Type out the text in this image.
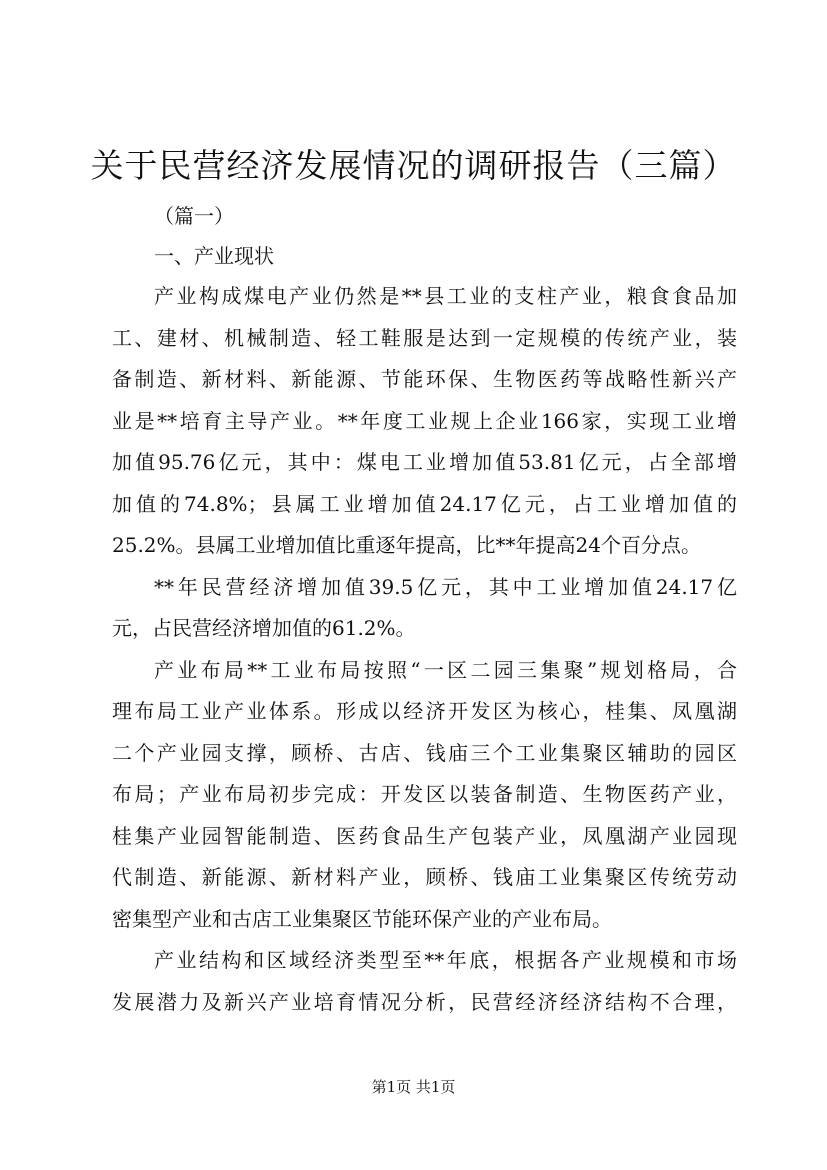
关于民营经济发展情况的调研报告（三篇）

（篇一）

一、产业现状

产业构成煤电产业仍然是**县工业的支柱产业，粮食食品加
工、建材、机械制造、轻工鞋服是达到一定规模的传统产业，装
备制造、新材料、新能源、节能环保、生物医药等战略性新兴产
业是**培育主导产业。**年度工业规上企业166家，实现工业增
加值95.76亿元，其中：煤电工业增加值53.81亿元，占全部增
加值的74.8%；县属工业增加值24.17亿元，占工业增加值的
25.2%。县属工业增加值比重逐年提高，比**年提高24个百分点。
**年民营经济增加值39.5亿元，其中工业增加值24.17亿
元，占民营经济增加值的61.2%。
产业布局**工业布局按照“一区二园三集聚”规划格局，合
理布局工业产业体系。形成以经济开发区为核心，桂集、凤凰湖
二个产业园支撑，顾桥、古店、钱庙三个工业集聚区辅助的园区
布局；产业布局初步完成：开发区以装备制造、生物医药产业，
桂集产业园智能制造、医药食品生产包装产业，凤凰湖产业园现
代制造、新能源、新材料产业，顾桥、钱庙工业集聚区传统劳动
密集型产业和古店工业集聚区节能环保产业的产业布局。
产业结构和区域经济类型至**年底，根据各产业规模和市场
发展潜力及新兴产业培育情况分析，民营经济经济结构不合理，
第1页 共1页
